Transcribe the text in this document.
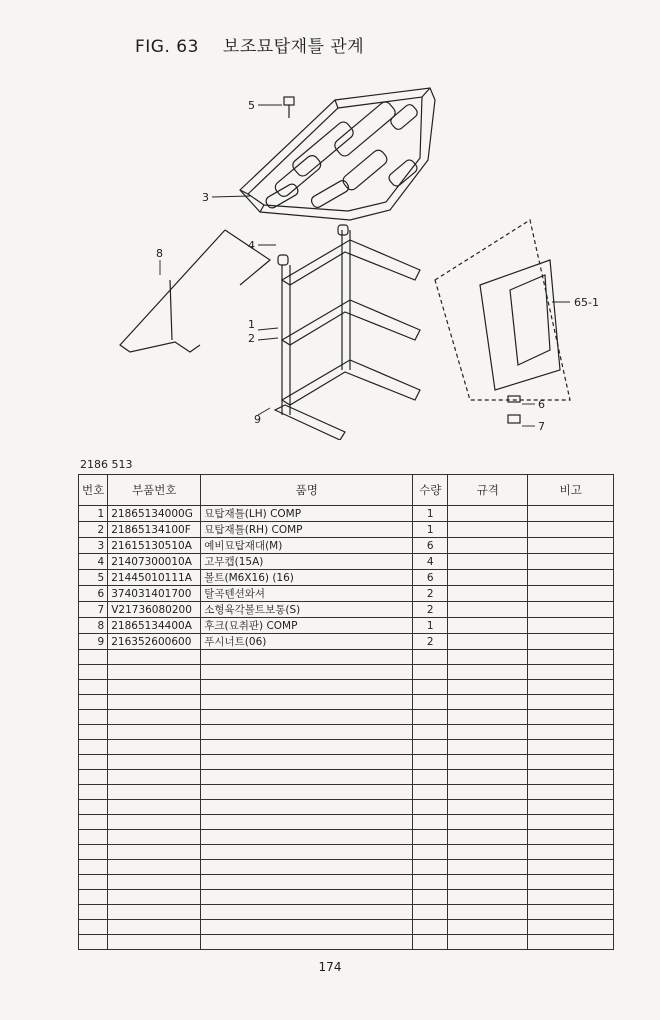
FIG. 63 보조묘탑재틀 관계
1
2
3
4
5
6
65-1
7
8
9
2186 513
번호	부품번호	품명	수량	규격	비고
1	21865134000G	묘탑재틀(LH) COMP	1		
2	21865134100F	묘탑재틀(RH) COMP	1		
3	21615130510A	예비묘탑재대(M)	6		
4	21407300010A	고무캡(15A)	4		
5	21445010111A	볼트(M6X16) (16)	6		
6	374031401700	탈곡텐션와셔	2		
7	V21736080200	소형육각볼트보통(S)	2		
8	21865134400A	후크(묘취판) COMP	1		
9	216352600600	푸시너트(06)	2		

174
